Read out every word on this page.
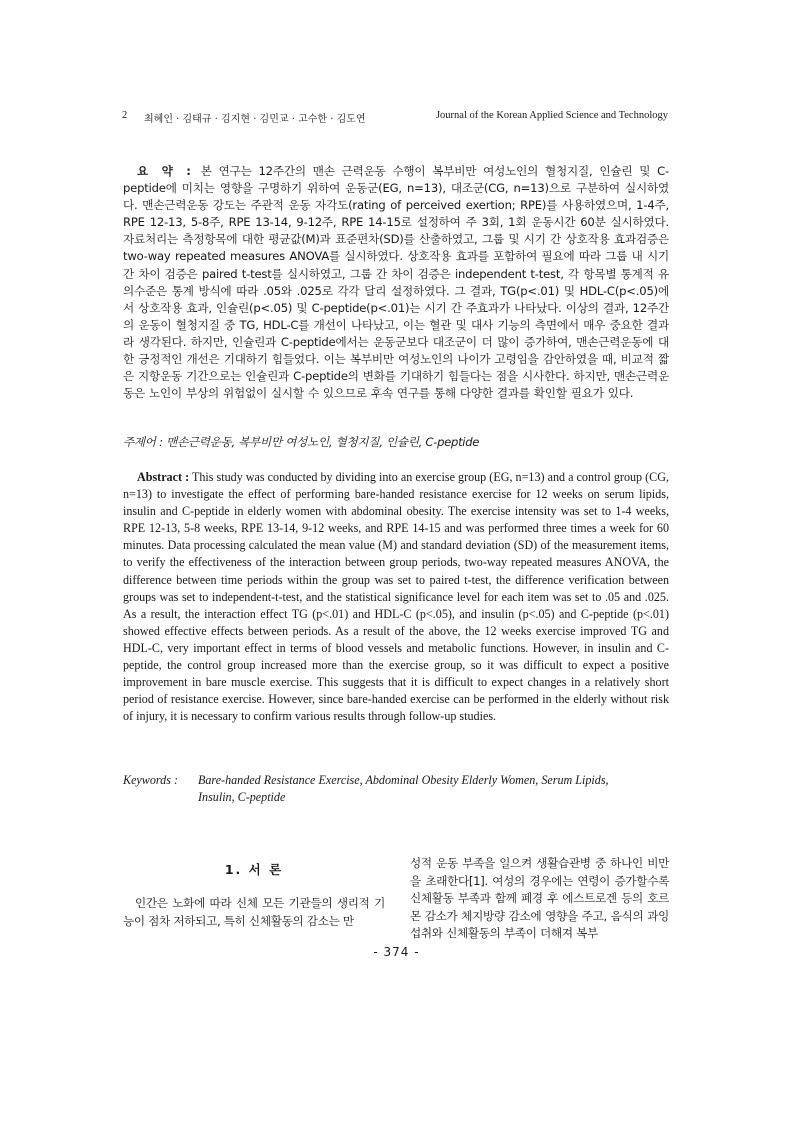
2 최혜인 · 김태규 · 김지현 · 김민교 · 고수한 · 김도연	Journal of the Korean Applied Science and Technology
요 약 : 본 연구는 12주간의 맨손 근력운동 수행이 복부비만 여성노인의 혈청지질, 인슐린 및 C-peptide에 미치는 영향을 구명하기 위하여 운동군(EG, n=13), 대조군(CG, n=13)으로 구분하여 실시하였다. 맨손근력운동 강도는 주관적 운동 자각도(rating of perceived exertion; RPE)를 사용하였으며, 1-4주, RPE 12-13, 5-8주, RPE 13-14, 9-12주, RPE 14-15로 설정하여 주 3회, 1회 운동시간 60분 실시하였다. 자료처리는 측정항목에 대한 평균값(M)과 표준편차(SD)를 산출하였고, 그룹 및 시기 간 상호작용 효과검증은 two-way repeated measures ANOVA를 실시하였다. 상호작용 효과를 포함하여 필요에 따라 그룹 내 시기 간 차이 검증은 paired t-test를 실시하였고, 그룹 간 차이 검증은 independent t-test, 각 항목별 통계적 유의수준은 통계 방식에 따라 .05와 .025로 각각 달리 설정하였다. 그 결과, TG(p<.01) 및 HDL-C(p<.05)에서 상호작용 효과, 인슐린(p<.05) 및 C-peptide(p<.01)는 시기 간 주효과가 나타났다. 이상의 결과, 12주간의 운동이 혈청지질 중 TG, HDL-C를 개선이 나타났고, 이는 혈관 및 대사 기능의 측면에서 매우 중요한 결과라 생각된다. 하지만, 인슐린과 C-peptide에서는 운동군보다 대조군이 더 많이 증가하여, 맨손근력운동에 대한 긍정적인 개선은 기대하기 힘들었다. 이는 복부비만 여성노인의 나이가 고령임을 감안하였을 때, 비교적 짧은 지항운동 기간으로는 인슐린과 C-peptide의 변화를 기대하기 힘들다는 점을 시사한다. 하지만, 맨손근력운동은 노인이 부상의 위험없이 실시할 수 있으므로 후속 연구를 통해 다양한 결과를 확인할 필요가 있다.
주제어 : 맨손근력운동, 복부비만 여성노인, 혈청지질, 인슐린, C-peptide
Abstract : This study was conducted by dividing into an exercise group (EG, n=13) and a control group (CG, n=13) to investigate the effect of performing bare-handed resistance exercise for 12 weeks on serum lipids, insulin and C-peptide in elderly women with abdominal obesity. The exercise intensity was set to 1-4 weeks, RPE 12-13, 5-8 weeks, RPE 13-14, 9-12 weeks, and RPE 14-15 and was performed three times a week for 60 minutes. Data processing calculated the mean value (M) and standard deviation (SD) of the measurement items, to verify the effectiveness of the interaction between group periods, two-way repeated measures ANOVA, the difference between time periods within the group was set to paired t-test, the difference verification between groups was set to independent-t-test, and the statistical significance level for each item was set to .05 and .025. As a result, the interaction effect TG (p<.01) and HDL-C (p<.05), and insulin (p<.05) and C-peptide (p<.01) showed effective effects between periods. As a result of the above, the 12 weeks exercise improved TG and HDL-C, very important effect in terms of blood vessels and metabolic functions. However, in insulin and C-peptide, the control group increased more than the exercise group, so it was difficult to expect a positive improvement in bare muscle exercise. This suggests that it is difficult to expect changes in a relatively short period of resistance exercise. However, since bare-handed exercise can be performed in the elderly without risk of injury, it is necessary to confirm various results through follow-up studies.
Keywords : Bare-handed Resistance Exercise, Abdominal Obesity Elderly Women, Serum Lipids,
Insulin, C-peptide
1. 서 론
인간은 노화에 따라 신체 모든 기관들의 생리적 기능이 점차 저하되고, 특히 신체활동의 감소는 만
성적 운동 부족을 일으켜 생활습관병 중 하나인 비만을 초래한다[1]. 여성의 경우에는 연령이 증가할수록 신체활동 부족과 함께 폐경 후 에스트로겐 등의 호르몬 감소가 체지방량 감소에 영향을 주고, 음식의 과잉섭취와 신체활동의 부족이 더해져 복부
- 374 -
